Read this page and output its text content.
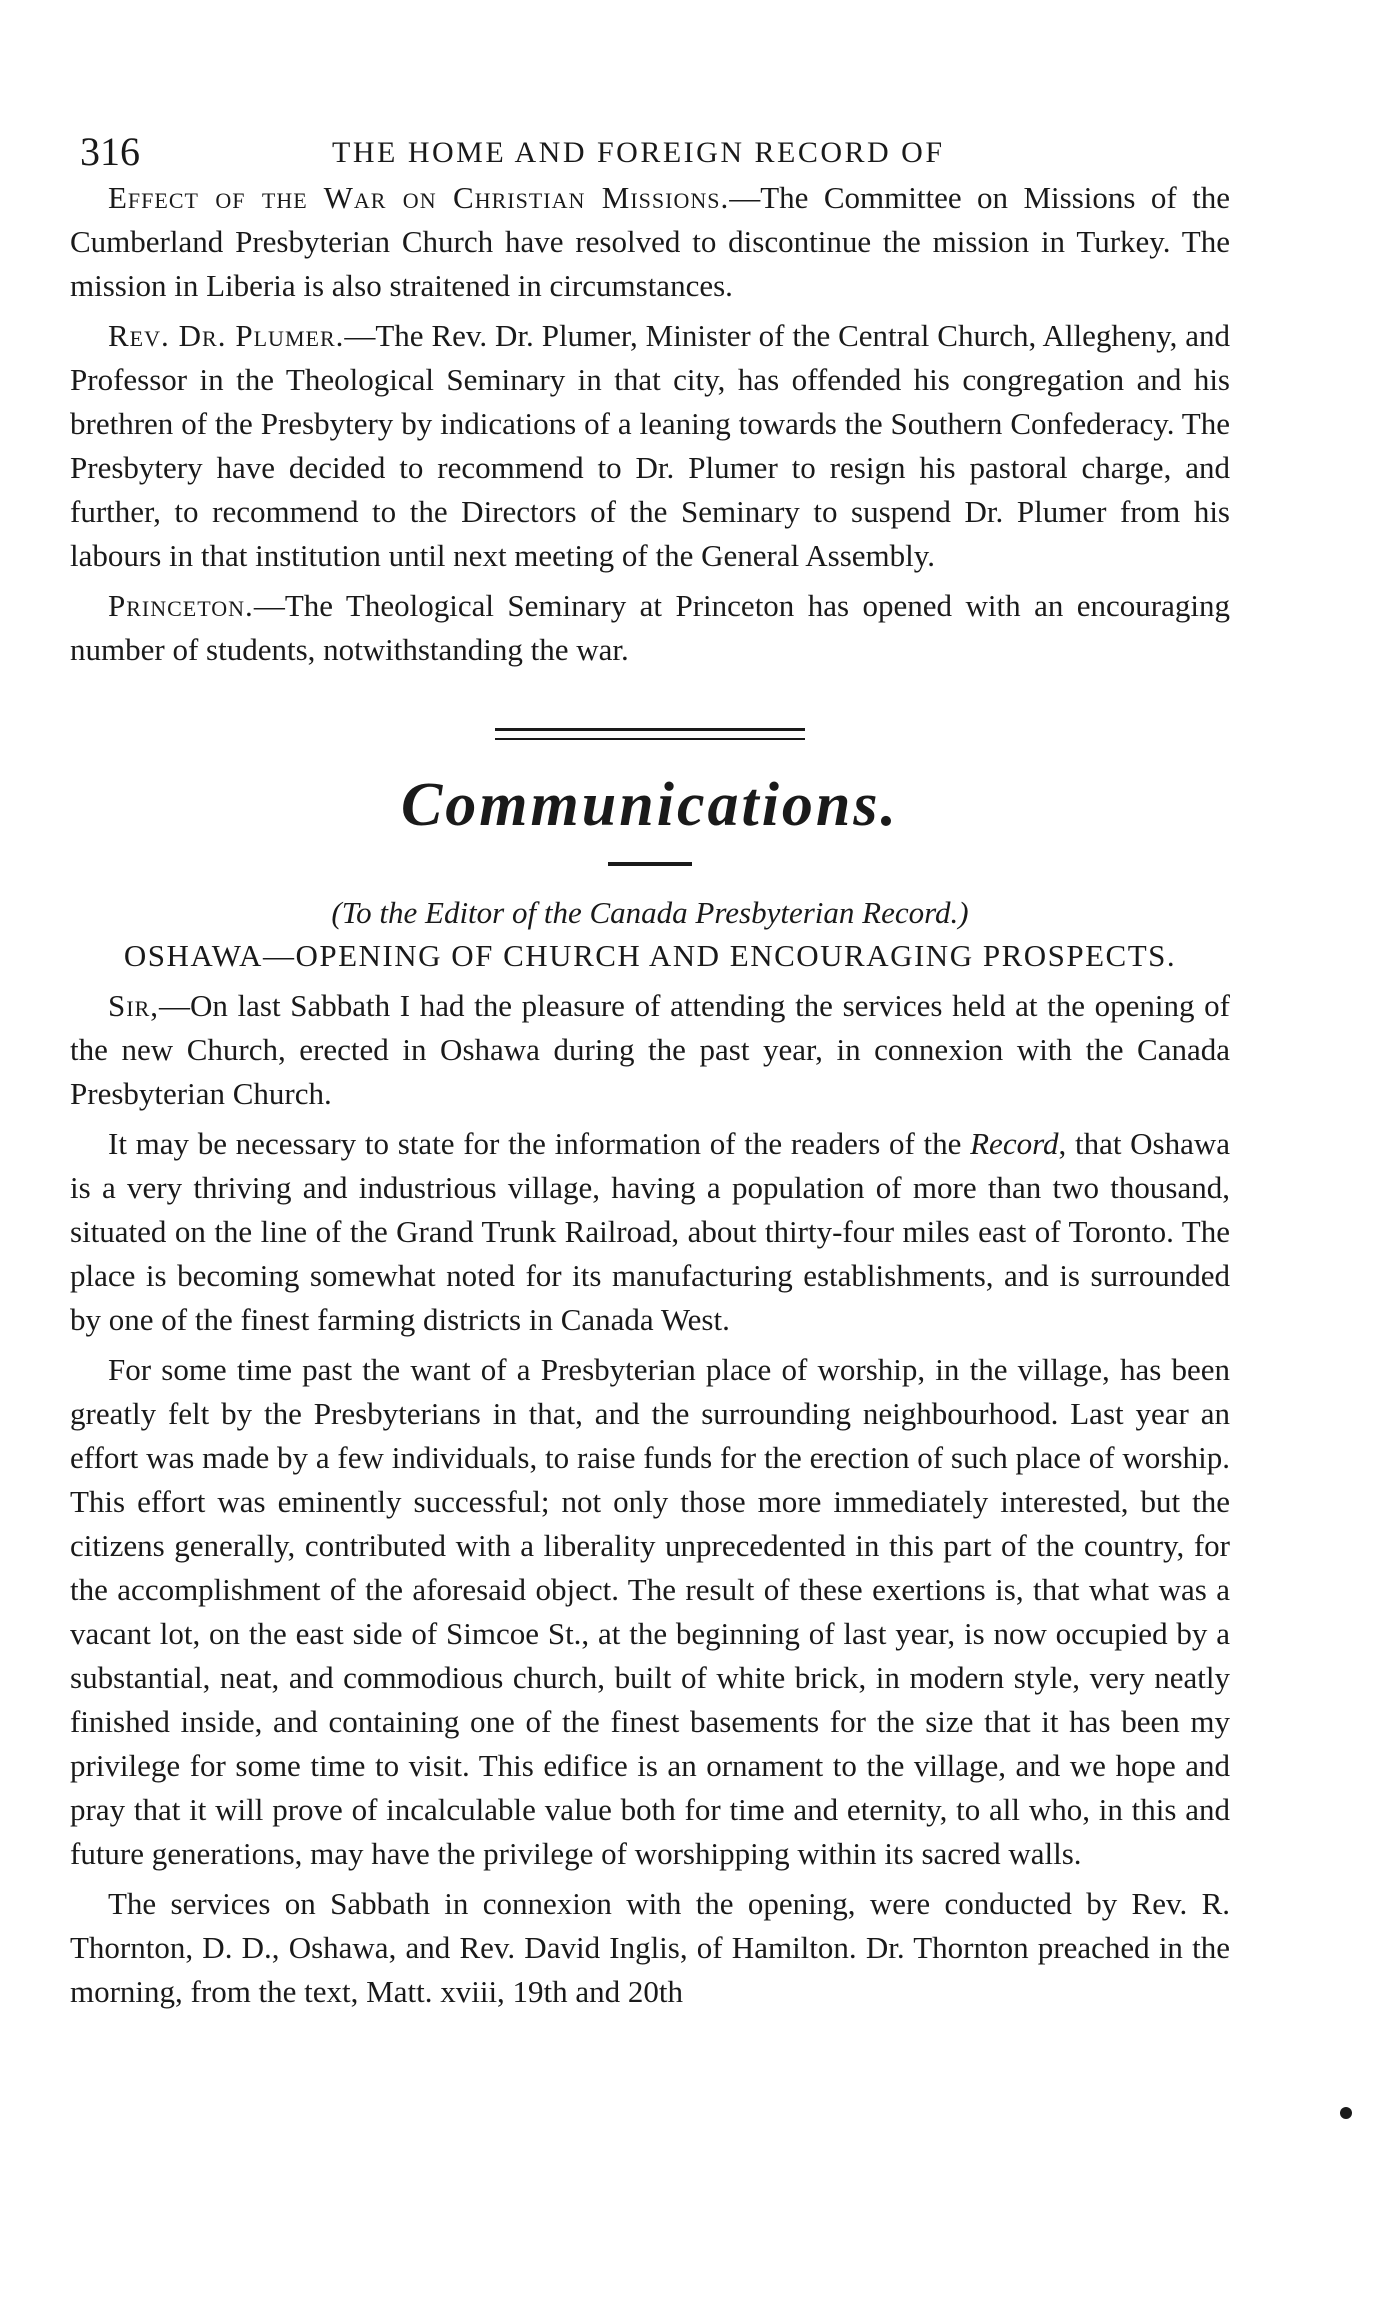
316	THE HOME AND FOREIGN RECORD OF

Effect of the War on Christian Missions.—The Committee on Missions of the Cumberland Presbyterian Church have resolved to discontinue the mission in Turkey. The mission in Liberia is also straitened in circumstances.

Rev. Dr. Plumer.—The Rev. Dr. Plumer, Minister of the Central Church, Allegheny, and Professor in the Theological Seminary in that city, has offended his congregation and his brethren of the Presbytery by indications of a leaning towards the Southern Confederacy. The Presbytery have decided to recommend to Dr. Plumer to resign his pastoral charge, and further, to recommend to the Directors of the Seminary to suspend Dr. Plumer from his labours in that institution until next meeting of the General Assembly.

Princeton.—The Theological Seminary at Princeton has opened with an encouraging number of students, notwithstanding the war.

Communications.
(To the Editor of the Canada Presbyterian Record.)
OSHAWA—OPENING OF CHURCH AND ENCOURAGING PROSPECTS.

Sir,—On last Sabbath I had the pleasure of attending the services held at the opening of the new Church, erected in Oshawa during the past year, in connexion with the Canada Presbyterian Church.

It may be necessary to state for the information of the readers of the Record, that Oshawa is a very thriving and industrious village, having a population of more than two thousand, situated on the line of the Grand Trunk Railroad, about thirty-four miles east of Toronto. The place is becoming somewhat noted for its manufacturing establishments, and is surrounded by one of the finest farming districts in Canada West.

For some time past the want of a Presbyterian place of worship, in the village, has been greatly felt by the Presbyterians in that, and the surrounding neighbourhood. Last year an effort was made by a few individuals, to raise funds for the erection of such place of worship. This effort was eminently successful; not only those more immediately interested, but the citizens generally, contributed with a liberality unprecedented in this part of the country, for the accomplishment of the aforesaid object. The result of these exertions is, that what was a vacant lot, on the east side of Simcoe St., at the beginning of last year, is now occupied by a substantial, neat, and commodious church, built of white brick, in modern style, very neatly finished inside, and containing one of the finest basements for the size that it has been my privilege for some time to visit. This edifice is an ornament to the village, and we hope and pray that it will prove of incalculable value both for time and eternity, to all who, in this and future generations, may have the privilege of worshipping within its sacred walls.

The services on Sabbath in connexion with the opening, were conducted by Rev. R. Thornton, D. D., Oshawa, and Rev. David Inglis, of Hamilton. Dr. Thornton preached in the morning, from the text, Matt. xviii, 19th and 20th
